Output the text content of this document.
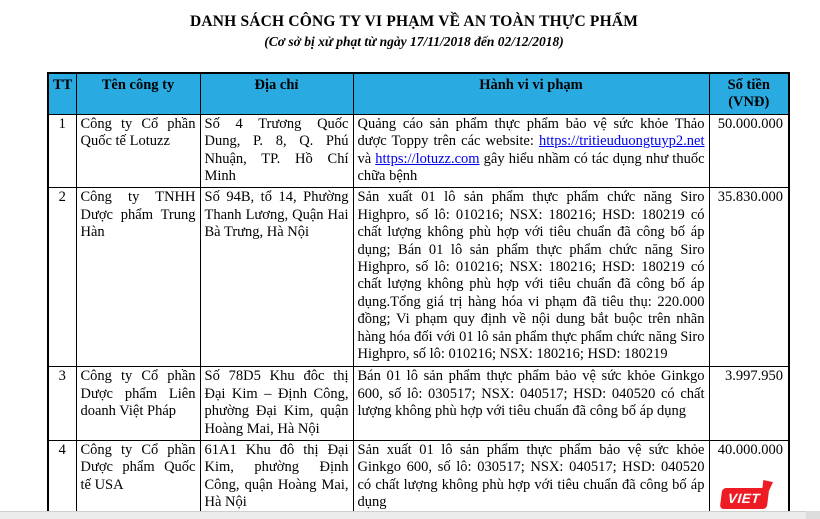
DANH SÁCH CÔNG TY VI PHẠM VỀ AN TOÀN THỰC PHẨM
(Cơ sở bị xử phạt từ ngày 17/11/2018 đến 02/12/2018)
TT	Tên công ty	Địa chỉ	Hành vi vi phạm	Số tiền (VNĐ)
1	Công ty Cổ phần Quốc tế Lotuzz	Số 4 Trương Quốc Dung, P. 8, Q. Phú Nhuận, TP. Hồ Chí Minh	Quảng cáo sản phẩm thực phẩm bảo vệ sức khỏe Thảo dược Toppy trên các website: https://tritieuduongtuyp2.net và https://lotuzz.com gây hiểu nhầm có tác dụng như thuốc chữa bệnh	50.000.000
2	Công ty TNHH Dược phẩm Trung Hàn	Số 94B, tổ 14, Phường Thanh Lương, Quận Hai Bà Trưng, Hà Nội	Sản xuất 01 lô sản phẩm thực phẩm chức năng Siro Highpro, số lô: 010216; NSX: 180216; HSD: 180219 có chất lượng không phù hợp với tiêu chuẩn đã công bố áp dụng; Bán 01 lô sản phẩm thực phẩm chức năng Siro Highpro, số lô: 010216; NSX: 180216; HSD: 180219 có chất lượng không phù hợp với tiêu chuẩn đã công bố áp dụng.Tổng giá trị hàng hóa vi phạm đã tiêu thụ: 220.000 đồng; Vi phạm quy định về nội dung bắt buộc trên nhãn hàng hóa đối với 01 lô sản phẩm thực phẩm chức năng Siro Highpro, số lô: 010216; NSX: 180216; HSD: 180219	35.830.000
3	Công ty Cổ phần Dược phẩm Liên doanh Việt Pháp	Số 78D5 Khu đôc thị Đại Kim – Định Công, phường Đại Kim, quận Hoàng Mai, Hà Nội	Bán 01 lô sản phẩm thực phẩm bảo vệ sức khỏe Ginkgo 600, số lô: 030517; NSX: 040517; HSD: 040520 có chất lượng không phù hợp với tiêu chuẩn đã công bố áp dụng	3.997.950
4	Công ty Cổ phần Dược phẩm Quốc tế USA	61A1 Khu đô thị Đại Kim, phường Định Công, quận Hoàng Mai, Hà Nội	Sản xuất 01 lô sản phẩm thực phẩm bảo vệ sức khỏe Ginkgo 600, số lô: 030517; NSX: 040517; HSD: 040520 có chất lượng không phù hợp với tiêu chuẩn đã công bố áp dụng	40.000.000
VIET
